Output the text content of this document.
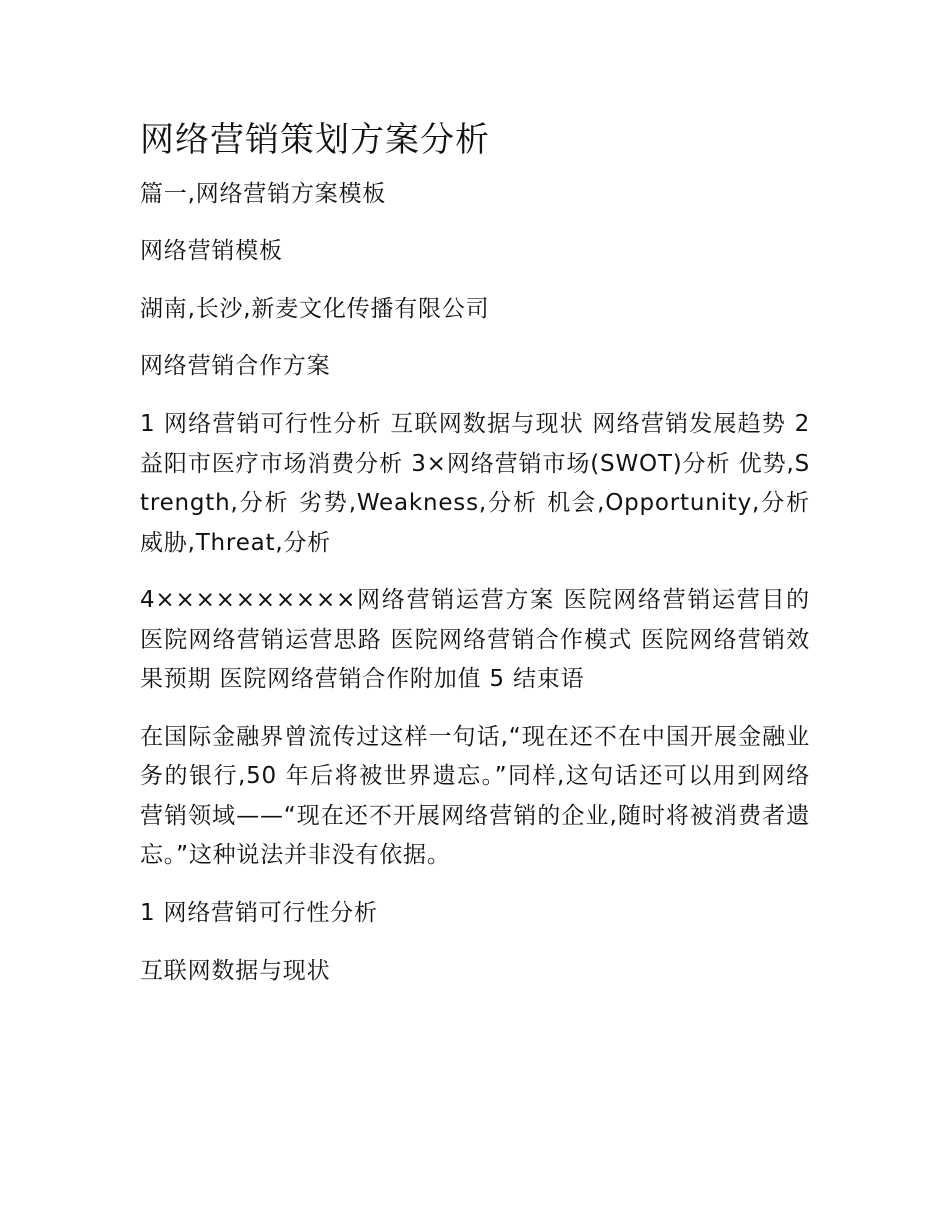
网络营销策划方案分析

篇一,网络营销方案模板

网络营销模板

湖南,长沙,新麦文化传播有限公司

网络营销合作方案

1 网络营销可行性分析 互联网数据与现状 网络营销发展趋势 2 益阳市医疗市场消费分析 3×网络营销市场(SWOT)分析 优势,Strength,分析 劣势,Weakness,分析 机会,Opportunity,分析 威胁,Threat,分析

4××××××××××网络营销运营方案 医院网络营销运营目的 医院网络营销运营思路 医院网络营销合作模式 医院网络营销效果预期 医院网络营销合作附加值 5 结束语

在国际金融界曾流传过这样一句话,“现在还不在中国开展金融业务的银行,50 年后将被世界遗忘。”同样,这句话还可以用到网络营销领域——“现在还不开展网络营销的企业,随时将被消费者遗忘。”这种说法并非没有依据。

1 网络营销可行性分析

互联网数据与现状
